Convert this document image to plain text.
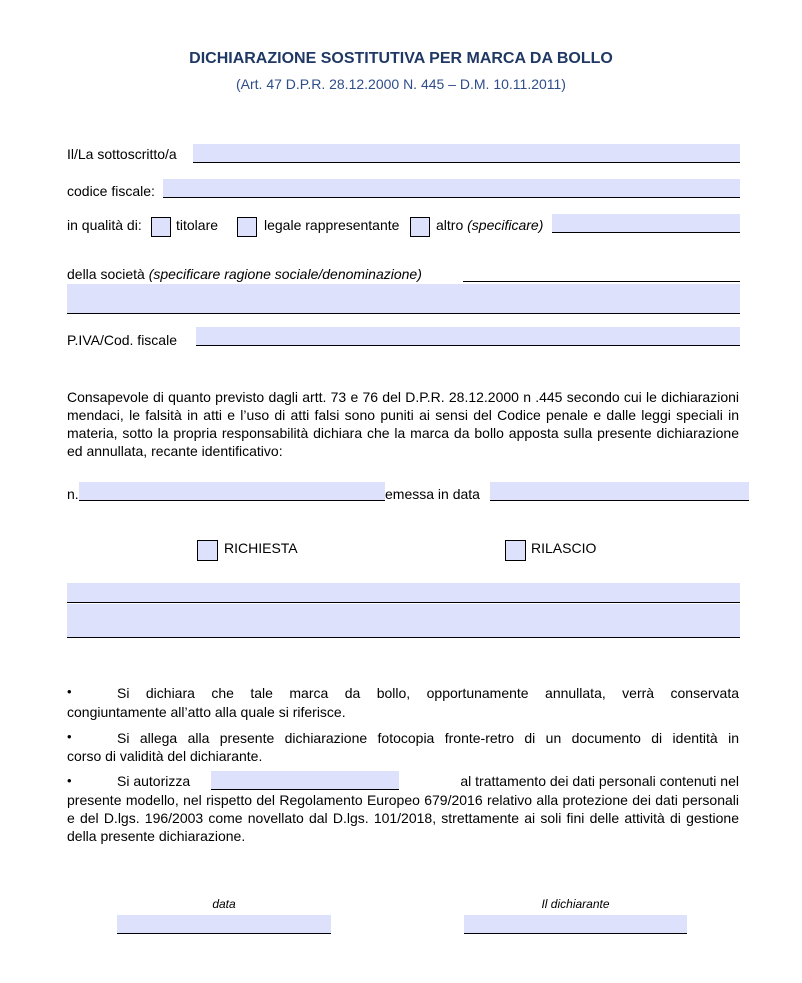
DICHIARAZIONE SOSTITUTIVA PER MARCA DA BOLLO
(Art. 47 D.P.R. 28.12.2000 N. 445 – D.M. 10.11.2011)
Il/La sottoscritto/a
codice fiscale:
in qualità di: titolare	legale rappresentante	altro (specificare)
della società (specificare ragione sociale/denominazione)
P.IVA/Cod. fiscale
Consapevole di quanto previsto dagli artt. 73 e 76 del D.P.R. 28.12.2000 n .445 secondo cui le dichiarazioni mendaci, le falsità in atti e l’uso di atti falsi sono puniti ai sensi del Codice penale e dalle leggi speciali in materia, sotto la propria responsabilità dichiara che la marca da bollo apposta sulla presente dichiarazione ed annullata, recante identificativo:
n.	emessa in data
RICHIESTA	RILASCIO
•	Si dichiara che tale marca da bollo, opportunamente annullata, verrà conservata
congiuntamente all’atto alla quale si riferisce.
•	Si allega alla presente dichiarazione fotocopia fronte-retro di un documento di identità in
corso di validità del dichiarante.
•	Si autorizza	al trattamento dei dati personali contenuti nel
presente modello, nel rispetto del Regolamento Europeo 679/2016 relativo alla protezione dei dati personali e del D.lgs. 196/2003 come novellato dal D.lgs. 101/2018, strettamente ai soli fini delle attività di gestione della presente dichiarazione.
data	Il dichiarante
